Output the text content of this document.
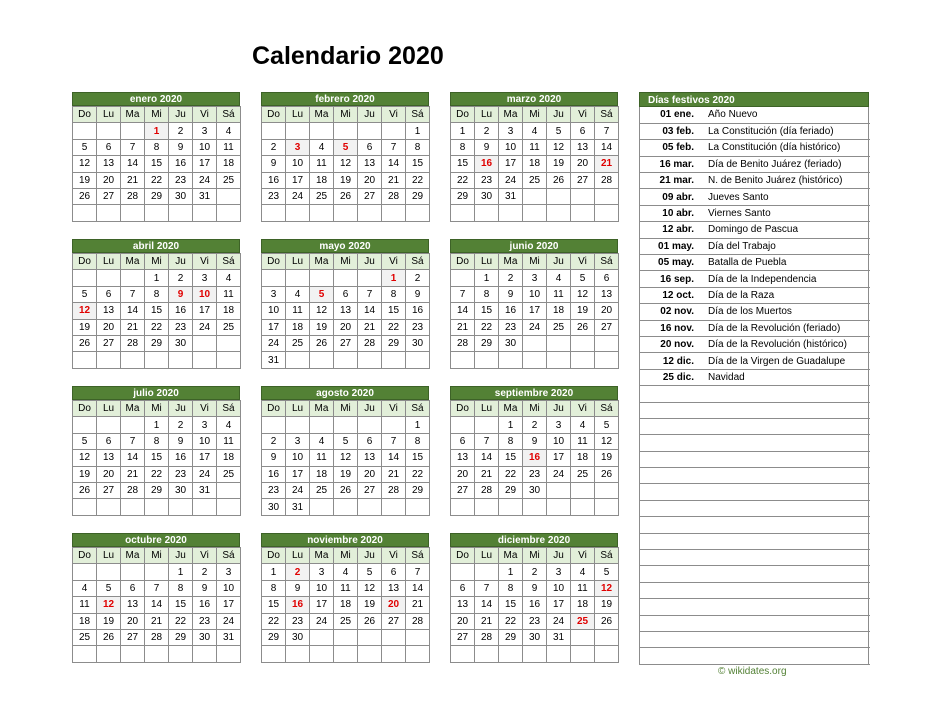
Calendario 2020
enero 2020
Do	Lu	Ma	Mi	Ju	Vi	Sá
			1	2	3	4
5	6	7	8	9	10	11
12	13	14	15	16	17	18
19	20	21	22	23	24	25
26	27	28	29	30	31	

febrero 2020
Do	Lu	Ma	Mi	Ju	Vi	Sá
						1
2	3	4	5	6	7	8
9	10	11	12	13	14	15
16	17	18	19	20	21	22
23	24	25	26	27	28	29

marzo 2020
Do	Lu	Ma	Mi	Ju	Vi	Sá
1	2	3	4	5	6	7
8	9	10	11	12	13	14
15	16	17	18	19	20	21
22	23	24	25	26	27	28
29	30	31				

abril 2020
Do	Lu	Ma	Mi	Ju	Vi	Sá
			1	2	3	4
5	6	7	8	9	10	11
12	13	14	15	16	17	18
19	20	21	22	23	24	25
26	27	28	29	30		

mayo 2020
Do	Lu	Ma	Mi	Ju	Vi	Sá
					1	2
3	4	5	6	7	8	9
10	11	12	13	14	15	16
17	18	19	20	21	22	23
24	25	26	27	28	29	30
31						
junio 2020
Do	Lu	Ma	Mi	Ju	Vi	Sá
	1	2	3	4	5	6
7	8	9	10	11	12	13
14	15	16	17	18	19	20
21	22	23	24	25	26	27
28	29	30				

julio 2020
Do	Lu	Ma	Mi	Ju	Vi	Sá
			1	2	3	4
5	6	7	8	9	10	11
12	13	14	15	16	17	18
19	20	21	22	23	24	25
26	27	28	29	30	31	

agosto 2020
Do	Lu	Ma	Mi	Ju	Vi	Sá
						1
2	3	4	5	6	7	8
9	10	11	12	13	14	15
16	17	18	19	20	21	22
23	24	25	26	27	28	29
30	31					
septiembre 2020
Do	Lu	Ma	Mi	Ju	Vi	Sá
		1	2	3	4	5
6	7	8	9	10	11	12
13	14	15	16	17	18	19
20	21	22	23	24	25	26
27	28	29	30			

octubre 2020
Do	Lu	Ma	Mi	Ju	Vi	Sá
				1	2	3
4	5	6	7	8	9	10
11	12	13	14	15	16	17
18	19	20	21	22	23	24
25	26	27	28	29	30	31

noviembre 2020
Do	Lu	Ma	Mi	Ju	Vi	Sá
1	2	3	4	5	6	7
8	9	10	11	12	13	14
15	16	17	18	19	20	21
22	23	24	25	26	27	28
29	30					

diciembre 2020
Do	Lu	Ma	Mi	Ju	Vi	Sá
		1	2	3	4	5
6	7	8	9	10	11	12
13	14	15	16	17	18	19
20	21	22	23	24	25	26
27	28	29	30	31		

Días festivos 2020
01 ene.	Año Nuevo
03 feb.	La Constitución (día feriado)
05 feb.	La Constitución (día histórico)
16 mar.	Día de Benito Juárez (feriado)
21 mar.	N. de Benito Juárez (histórico)
09 abr.	Jueves Santo
10 abr.	Viernes Santo
12 abr.	Domingo de Pascua
01 may.	Día del Trabajo
05 may.	Batalla de Puebla
16 sep.	Día de la Independencia
12 oct.	Día de la Raza
02 nov.	Día de los Muertos
16 nov.	Día de la Revolución (feriado)
20 nov.	Día de la Revolución (histórico)
12 dic.	Día de la Virgen de Guadalupe
25 dic.	Navidad

© wikidates.org
